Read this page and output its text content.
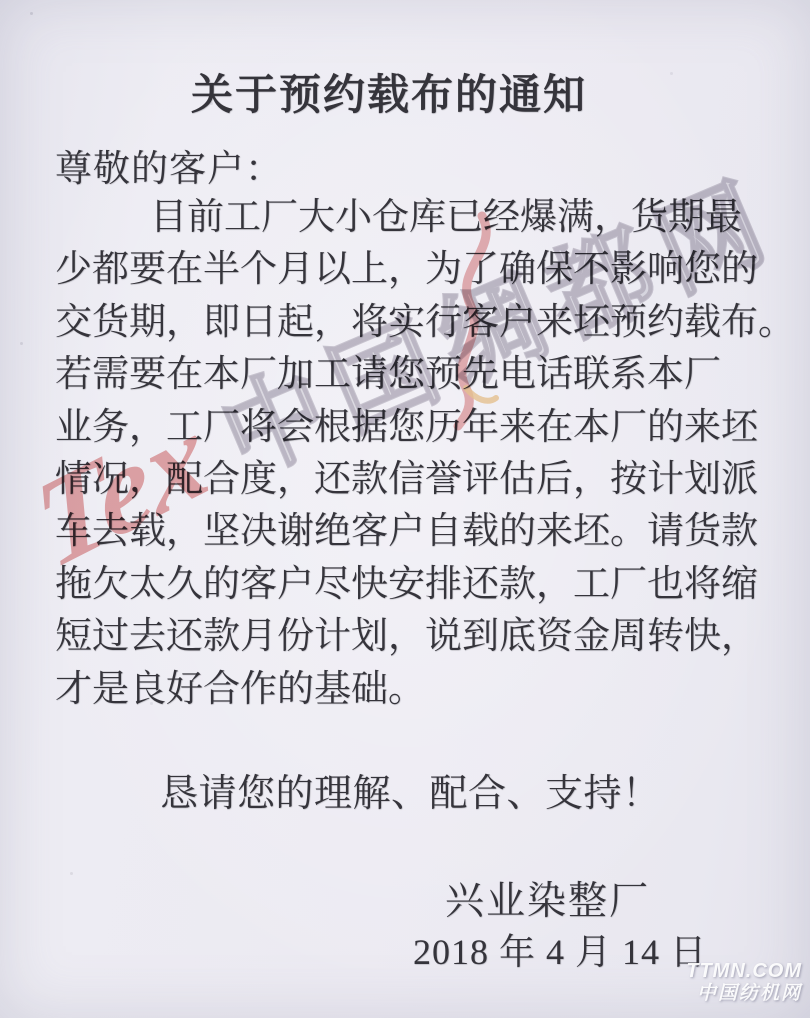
关于预约载布的通知
尊敬的客户：
目前工厂大小仓库已经爆满，货期最
少都要在半个月以上，为了确保不影响您的
交货期，即日起，将实行客户来坯预约载布。
若需要在本厂加工请您预先电话联系本厂
业务，工厂将会根据您历年来在本厂的来坯
情况，配合度，还款信誉评估后，按计划派
车去载，坚决谢绝客户自载的来坯。请货款
拖欠太久的客户尽快安排还款，工厂也将缩
短过去还款月份计划，说到底资金周转快，
才是良好合作的基础。
恳请您的理解、配合、支持！
兴业染整厂
2018 年 4 月 14 日
Tex
中
国
绸
都
网
TTMN.COM
中国纺机网
